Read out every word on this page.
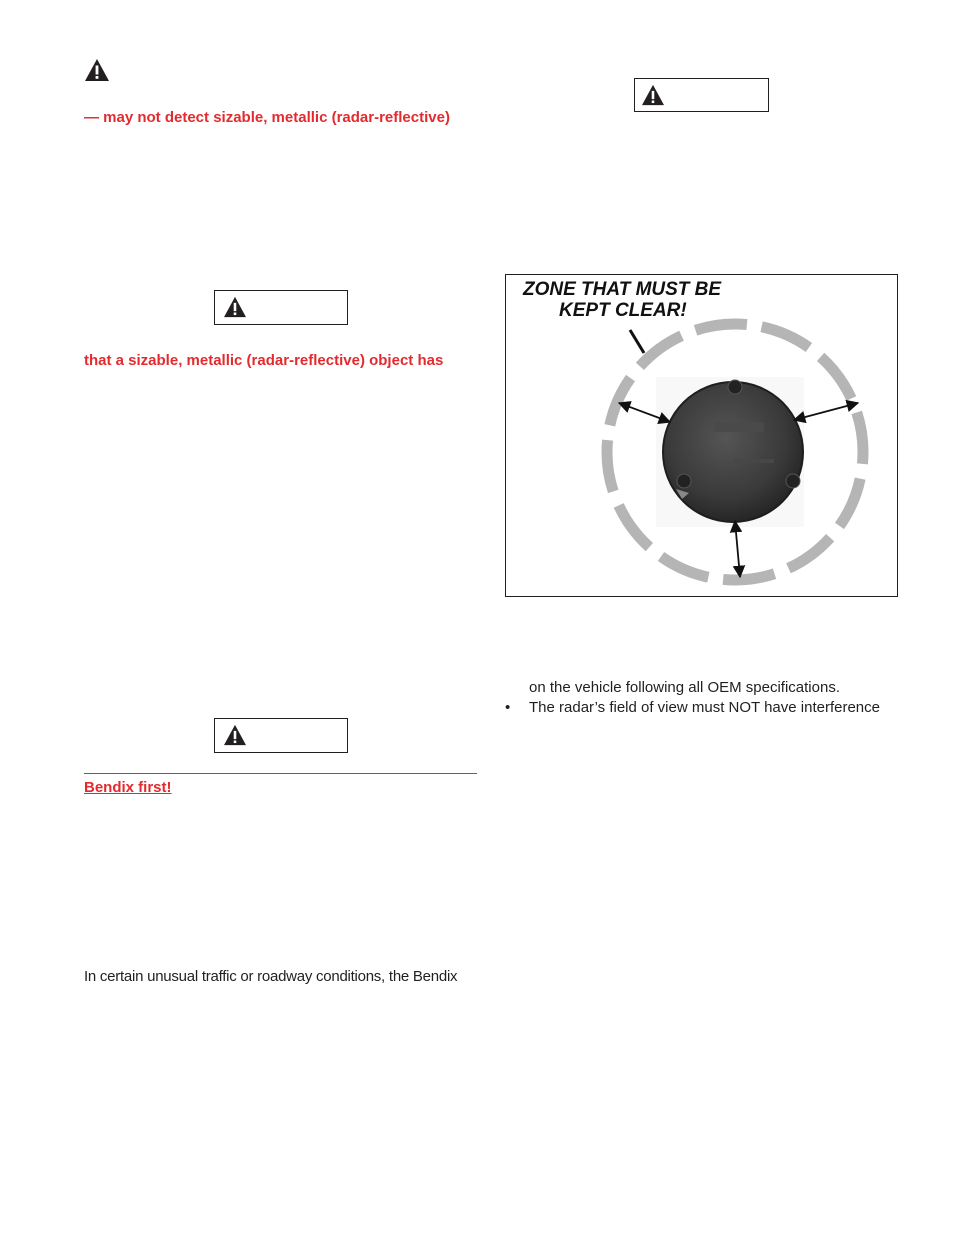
— may not detect sizable, metallic (radar-reflective)
that a sizable, metallic (radar-reflective) object has
Bendix first!
In certain unusual traffic or roadway conditions, the Bendix
ZONE THAT MUST BE
KEPT CLEAR!
on the vehicle following all OEM specifications.
• The radar’s field of view must NOT have interference
